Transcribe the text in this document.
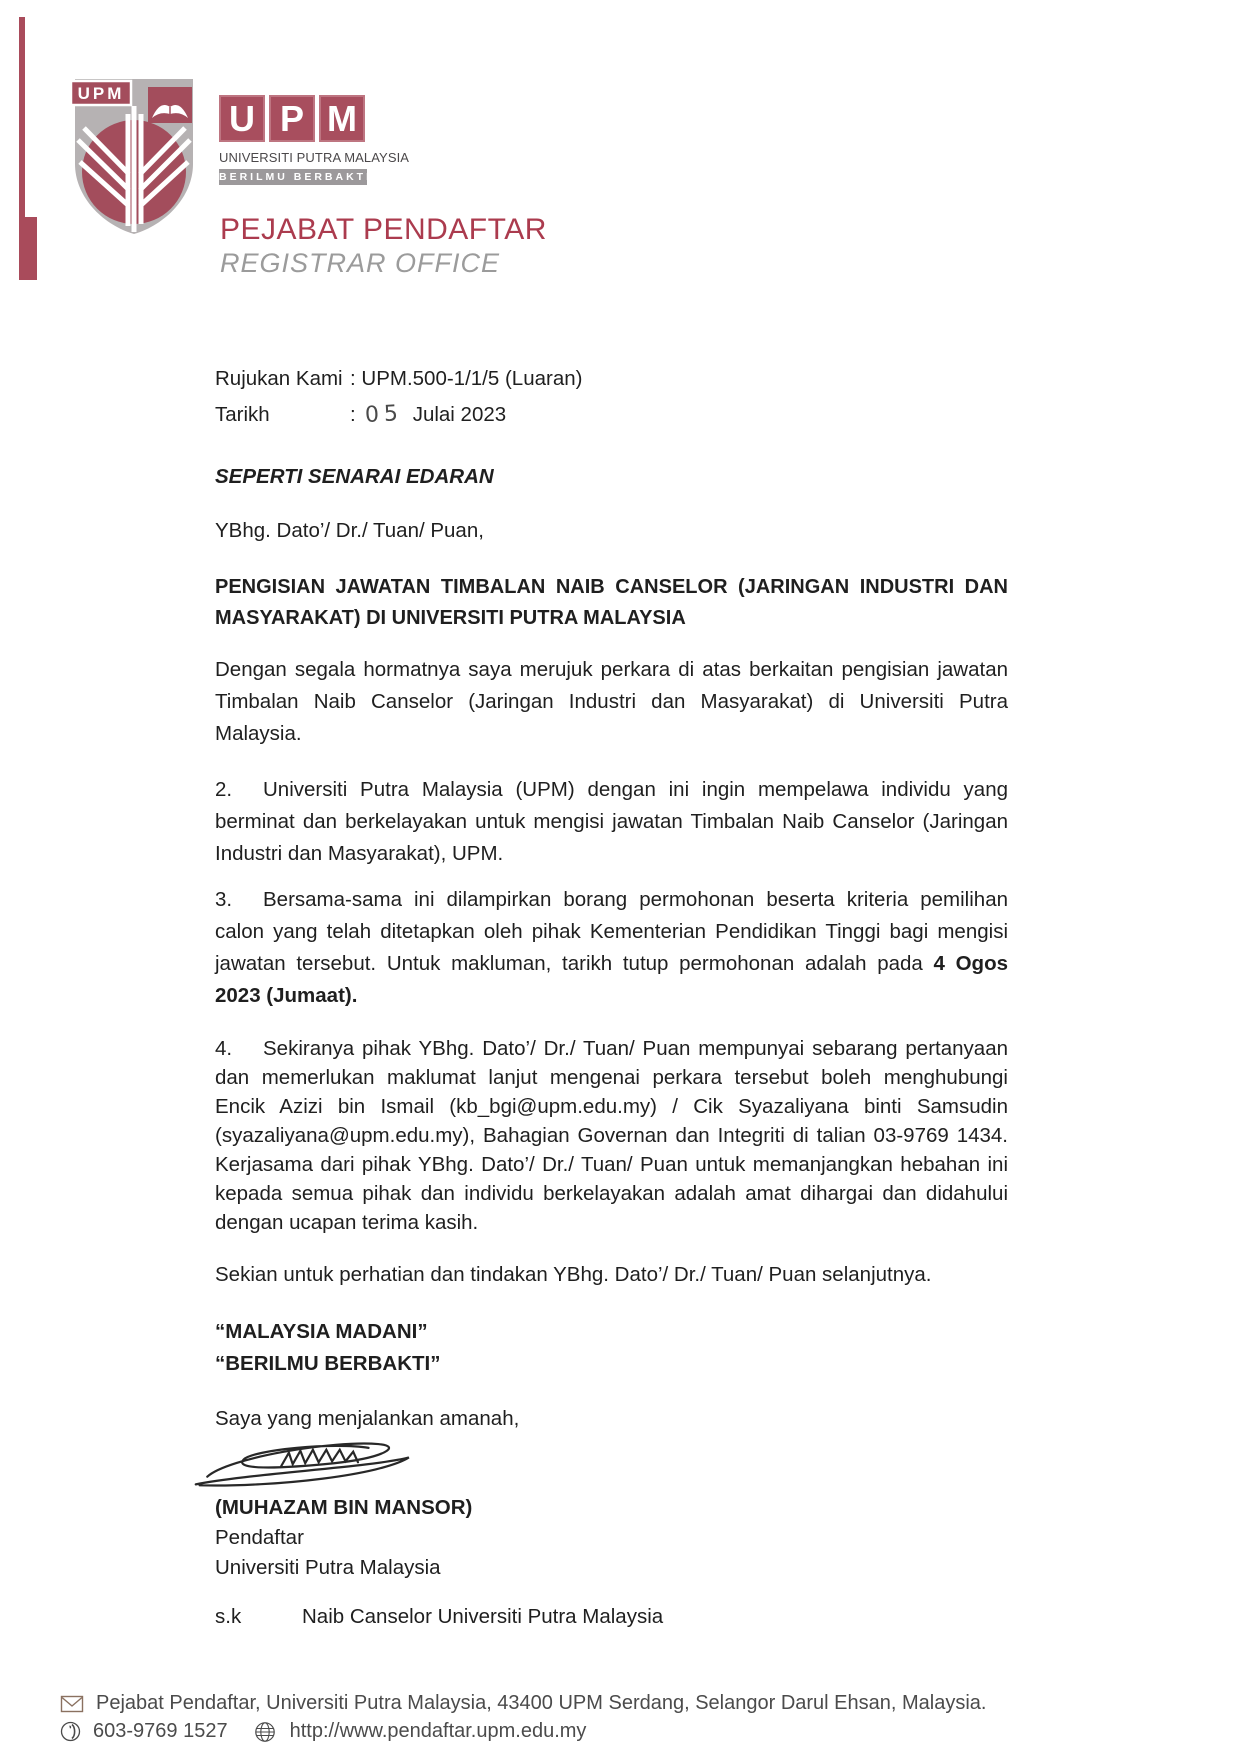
UPM
U P M
UNIVERSITI PUTRA MALAYSIA
BERILMU BERBAKTI
PEJABAT PENDAFTAR
REGISTRAR OFFICE
Rujukan Kami :
UPM.500-1/1/5 (Luaran)
Tarikh	: 05 Julai 2023
SEPERTI SENARAI EDARAN
YBhg. Dato’/ Dr./ Tuan/ Puan,
PENGISIAN JAWATAN TIMBALAN NAIB CANSELOR (JARINGAN INDUSTRI DAN MASYARAKAT) DI UNIVERSITI PUTRA MALAYSIA

Dengan segala hormatnya saya merujuk perkara di atas berkaitan pengisian jawatan Timbalan Naib Canselor (Jaringan Industri dan Masyarakat) di Universiti Putra Malaysia.

2. Universiti Putra Malaysia (UPM) dengan ini ingin mempelawa individu yang berminat dan berkelayakan untuk mengisi jawatan Timbalan Naib Canselor (Jaringan Industri dan Masyarakat), UPM.

3. Bersama-sama ini dilampirkan borang permohonan beserta kriteria pemilihan calon yang telah ditetapkan oleh pihak Kementerian Pendidikan Tinggi bagi mengisi jawatan tersebut. Untuk makluman, tarikh tutup permohonan adalah pada 4 Ogos 2023 (Jumaat).

4. Sekiranya pihak YBhg. Dato’/ Dr./ Tuan/ Puan mempunyai sebarang pertanyaan dan memerlukan maklumat lanjut mengenai perkara tersebut boleh menghubungi Encik Azizi bin Ismail (kb_bgi@upm.edu.my) / Cik Syazaliyana binti Samsudin (syazaliyana@upm.edu.my), Bahagian Governan dan Integriti di talian 03-9769 1434. Kerjasama dari pihak YBhg. Dato’/ Dr./ Tuan/ Puan untuk memanjangkan hebahan ini kepada semua pihak dan individu berkelayakan adalah amat dihargai dan didahului dengan ucapan terima kasih.

Sekian untuk perhatian dan tindakan YBhg. Dato’/ Dr./ Tuan/ Puan selanjutnya.
“MALAYSIA MADANI”
“BERILMU BERBAKTI”
Saya yang menjalankan amanah,
(MUHAZAM BIN MANSOR)
Pendaftar
Universiti Putra Malaysia
s.k	Naib Canselor Universiti Putra Malaysia
Pejabat Pendaftar, Universiti Putra Malaysia, 43400 UPM Serdang, Selangor Darul Ehsan, Malaysia.
603-9769 1527	http://www.pendaftar.upm.edu.my
